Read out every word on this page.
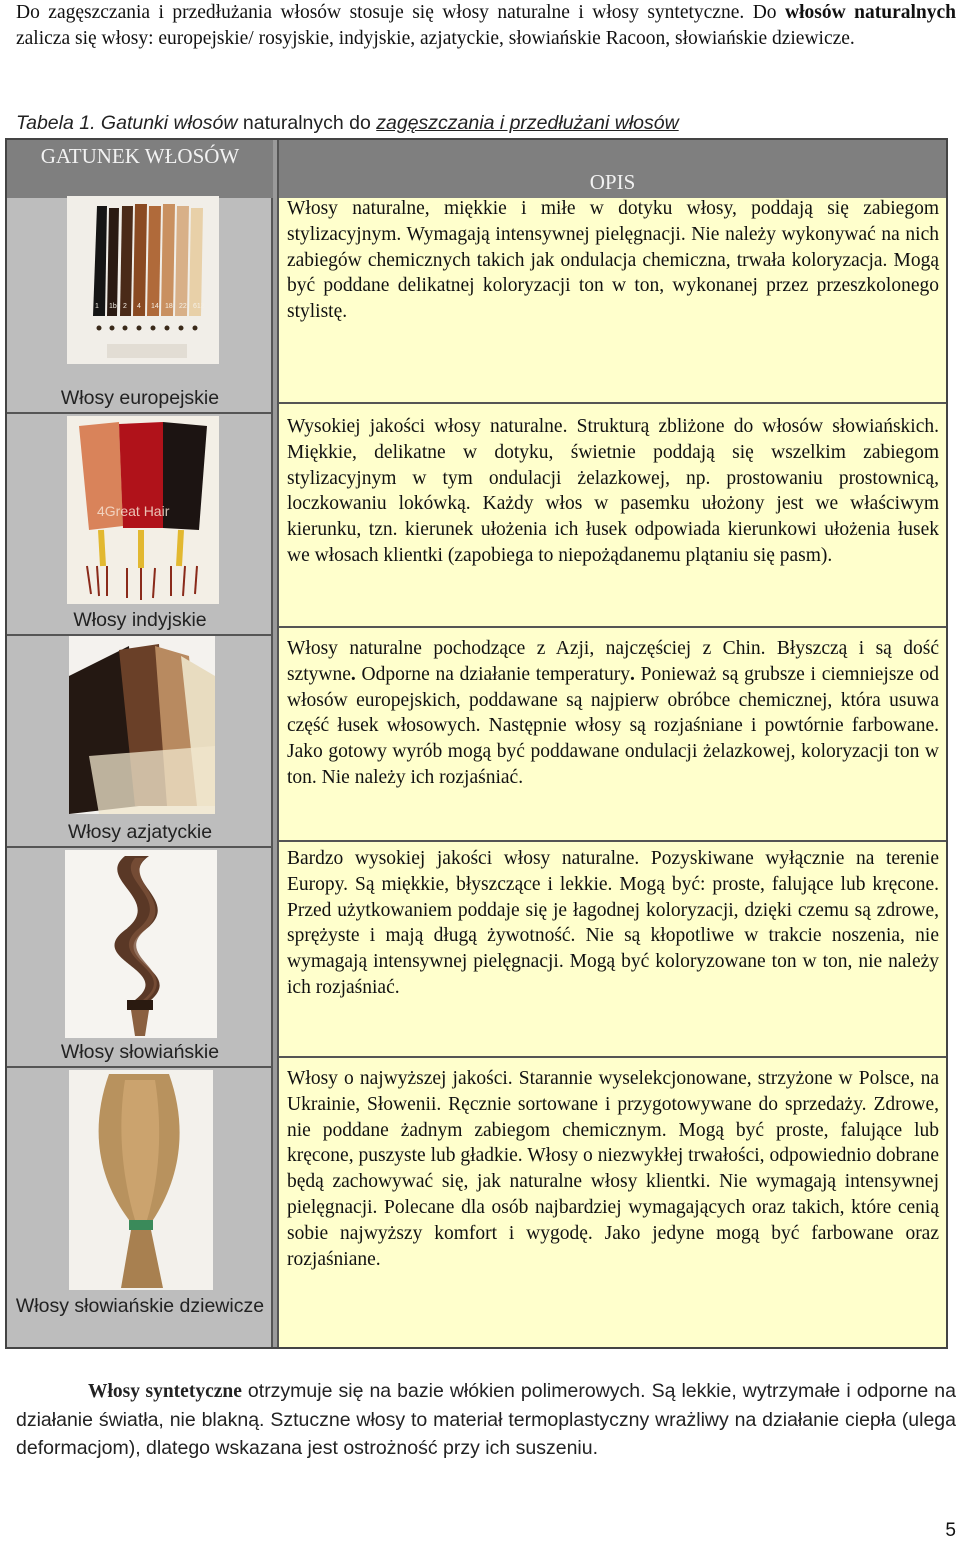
Do zagęszczania i przedłużania włosów stosuje się włosy naturalne i włosy syntetyczne. Do włosów naturalnych zalicza się włosy: europejskie/ rosyjskie, indyjskie, azjatyckie, słowiańskie Racoon, słowiańskie dziewicze.
Tabela 1. Gatunki włosów naturalnych do zagęszczania i przedłużani włosów
GATUNEK WŁOSÓW
OPIS
1 1b 2 4 14 18 22 613
Włosy europejskie
Włosy naturalne, miękkie i miłe w dotyku włosy, poddają się zabiegom stylizacyjnym. Wymagają intensywnej pielęgnacji. Nie należy wykonywać na nich zabiegów chemicznych takich jak ondulacja chemiczna, trwała koloryzacja. Mogą być poddane delikatnej koloryzacji ton w ton, wykonanej przez przeszkolonego stylistę.
4Great Hair
Włosy indyjskie
Wysokiej jakości włosy naturalne. Strukturą zbliżone do włosów słowiańskich. Miękkie, delikatne w dotyku, świetnie poddają się wszelkim zabiegom stylizacyjnym w tym ondulacji żelazkowej, np. prostowaniu prostownicą, loczkowaniu lokówką. Każdy włos w pasemku ułożony jest we właściwym kierunku, tzn. kierunek ułożenia ich łusek odpowiada kierunkowi ułożenia łusek we włosach klientki (zapobiega to niepożądanemu plątaniu się pasm).
Włosy azjatyckie
Włosy naturalne pochodzące z Azji, najczęściej z Chin. Błyszczą i są dość sztywne. Odporne na działanie temperatury. Ponieważ są grubsze i ciemniejsze od włosów europejskich, poddawane są najpierw obróbce chemicznej, która usuwa część łusek włosowych. Następnie włosy są rozjaśniane i powtórnie farbowane. Jako gotowy wyrób mogą być poddawane ondulacji żelazkowej, koloryzacji ton w ton. Nie należy ich rozjaśniać.
Włosy słowiańskie
Bardzo wysokiej jakości włosy naturalne. Pozyskiwane wyłącznie na terenie Europy. Są miękkie, błyszczące i lekkie. Mogą być: proste, falujące lub kręcone. Przed użytkowaniem poddaje się je łagodnej koloryzacji, dzięki czemu są zdrowe, sprężyste i mają długą żywotność. Nie są kłopotliwe w trakcie noszenia, nie wymagają intensywnej pielęgnacji. Mogą być koloryzowane ton w ton, nie należy ich rozjaśniać.
Włosy słowiańskie dziewicze
Włosy o najwyższej jakości. Starannie wyselekcjonowane, strzyżone w Polsce, na Ukrainie, Słowenii. Ręcznie sortowane i przygotowywane do sprzedaży. Zdrowe, nie poddane żadnym zabiegom chemicznym. Mogą być proste, falujące lub kręcone, puszyste lub gładkie. Włosy o niezwykłej trwałości, odpowiednio dobrane będą zachowywać się, jak naturalne włosy klientki. Nie wymagają intensywnej pielęgnacji. Polecane dla osób najbardziej wymagających oraz takich, które cenią sobie najwyższy komfort i wygodę. Jako jedyne mogą być farbowane oraz rozjaśniane.
Włosy syntetyczne otrzymuje się na bazie włókien polimerowych. Są lekkie, wytrzymałe i odporne na działanie światła, nie blakną. Sztuczne włosy to materiał termoplastyczny wrażliwy na działanie ciepła (ulega deformacjom), dlatego wskazana jest ostrożność przy ich suszeniu.
5
